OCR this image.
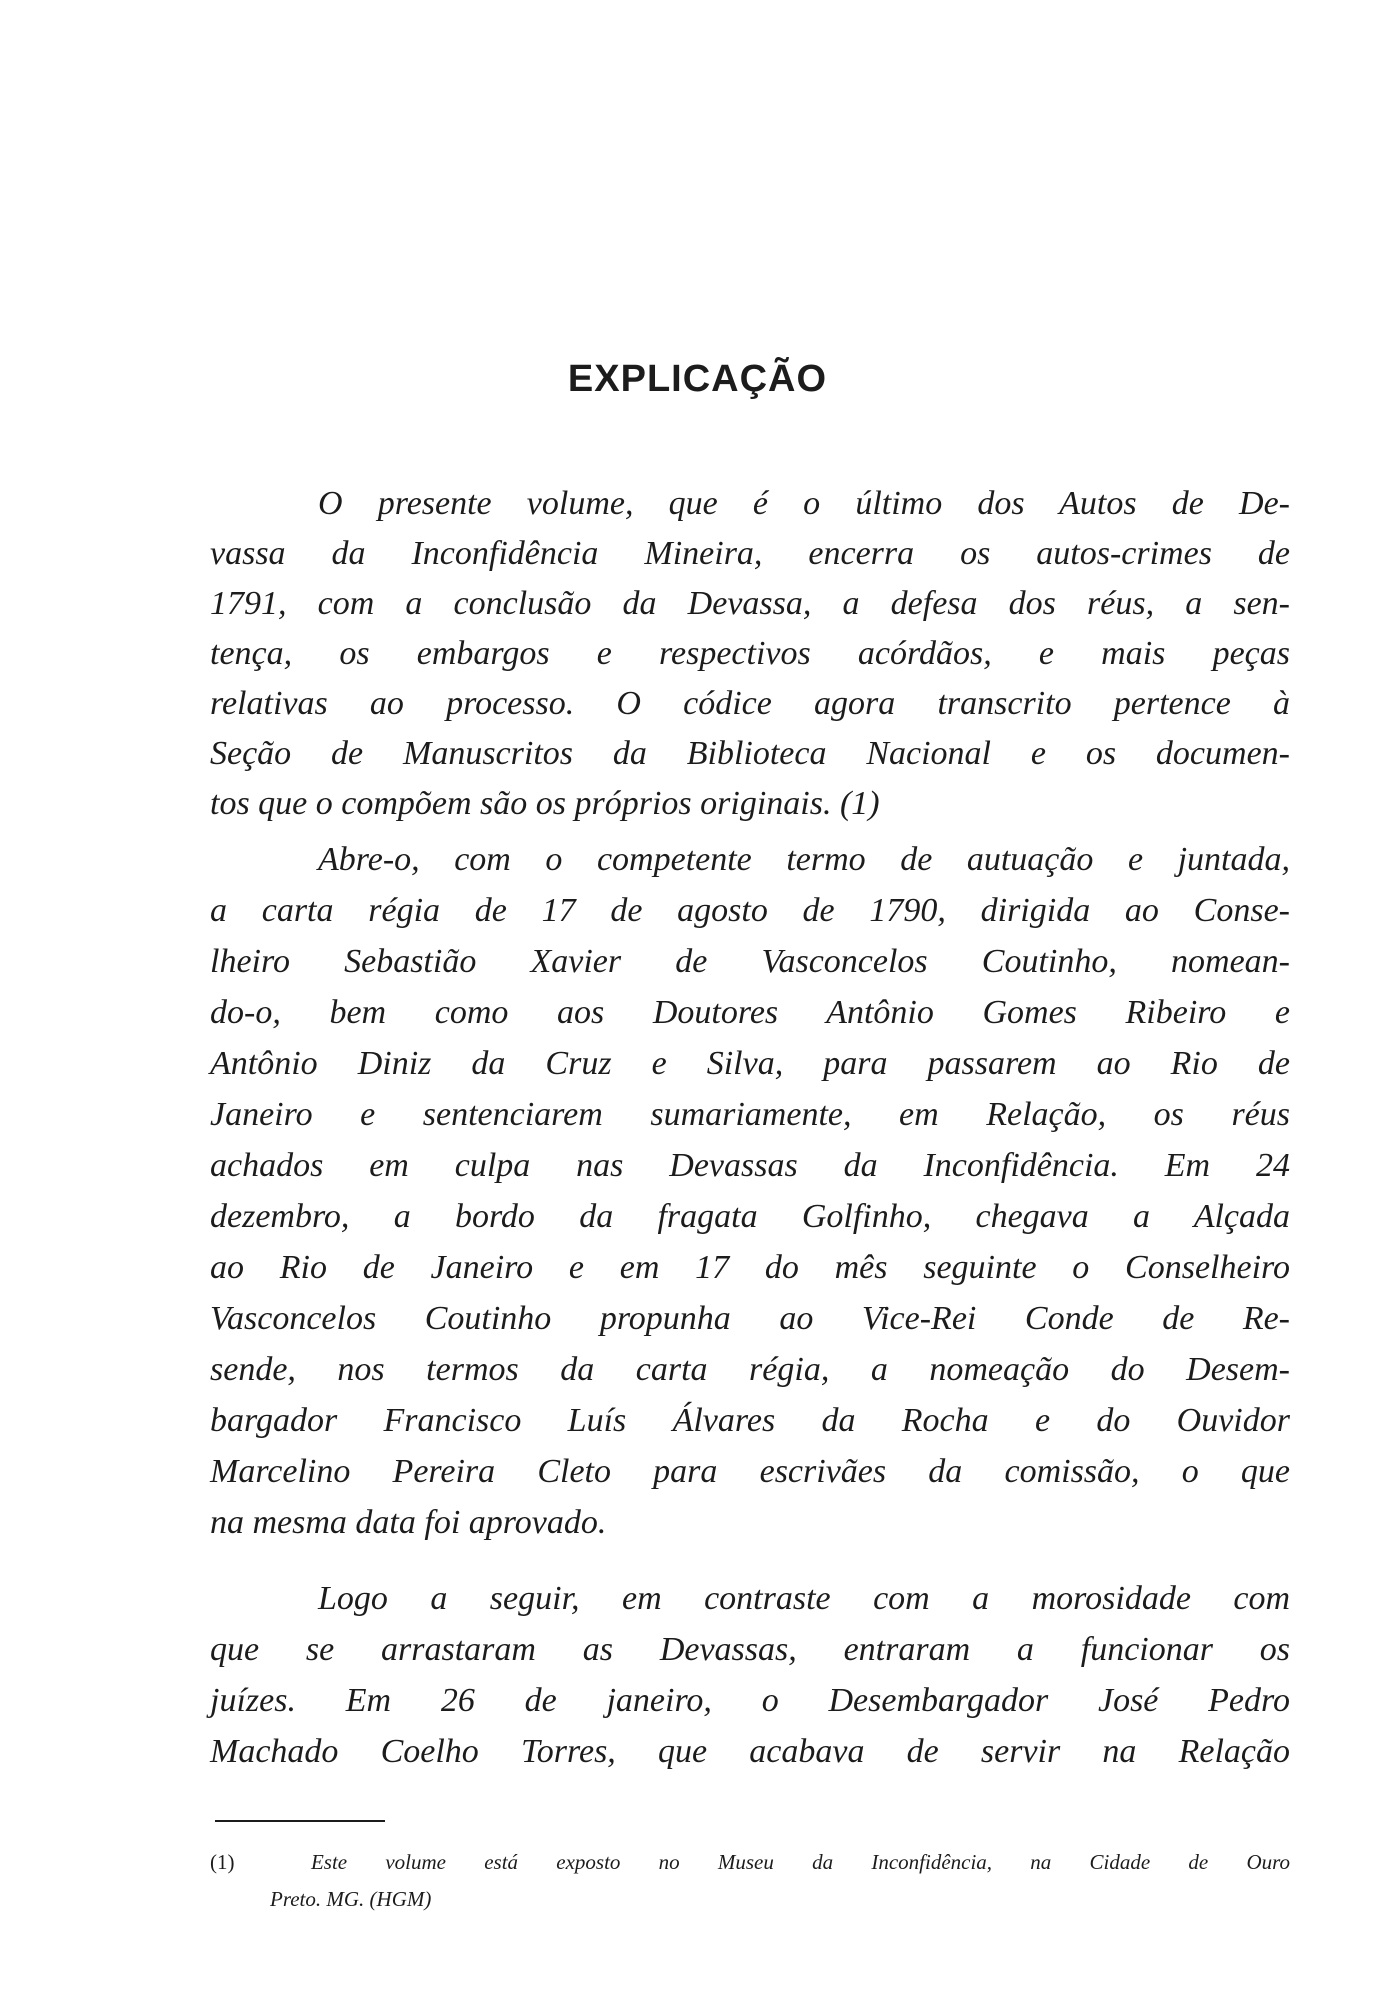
EXPLICAÇÃO

O presente volume, que é o último dos Autos de De-

vassa da Inconfidência Mineira, encerra os autos-crimes de

1791, com a conclusão da Devassa, a defesa dos réus, a sen-

tença, os embargos e respectivos acórdãos, e mais peças

relativas ao processo. O códice agora transcrito pertence à

Seção de Manuscritos da Biblioteca Nacional e os documen-

tos que o compõem são os próprios originais. (1)

Abre-o, com o competente termo de autuação e juntada,

a carta régia de 17 de agosto de 1790, dirigida ao Conse-

lheiro Sebastião Xavier de Vasconcelos Coutinho, nomean-

do-o, bem como aos Doutores Antônio Gomes Ribeiro e

Antônio Diniz da Cruz e Silva, para passarem ao Rio de

Janeiro e sentenciarem sumariamente, em Relação, os réus

achados em culpa nas Devassas da Inconfidência. Em 24

dezembro, a bordo da fragata Golfinho, chegava a Alçada

ao Rio de Janeiro e em 17 do mês seguinte o Conselheiro

Vasconcelos Coutinho propunha ao Vice-Rei Conde de Re-

sende, nos termos da carta régia, a nomeação do Desem-

bargador Francisco Luís Álvares da Rocha e do Ouvidor

Marcelino Pereira Cleto para escrivães da comissão, o que

na mesma data foi aprovado.

Logo a seguir, em contraste com a morosidade com

que se arrastaram as Devassas, entraram a funcionar os

juízes. Em 26 de janeiro, o Desembargador José Pedro

Machado Coelho Torres, que acabava de servir na Relação

(1)	Este volume está exposto no Museu da Inconfidência, na Cidade de Ouro

Preto. MG. (HGM)
